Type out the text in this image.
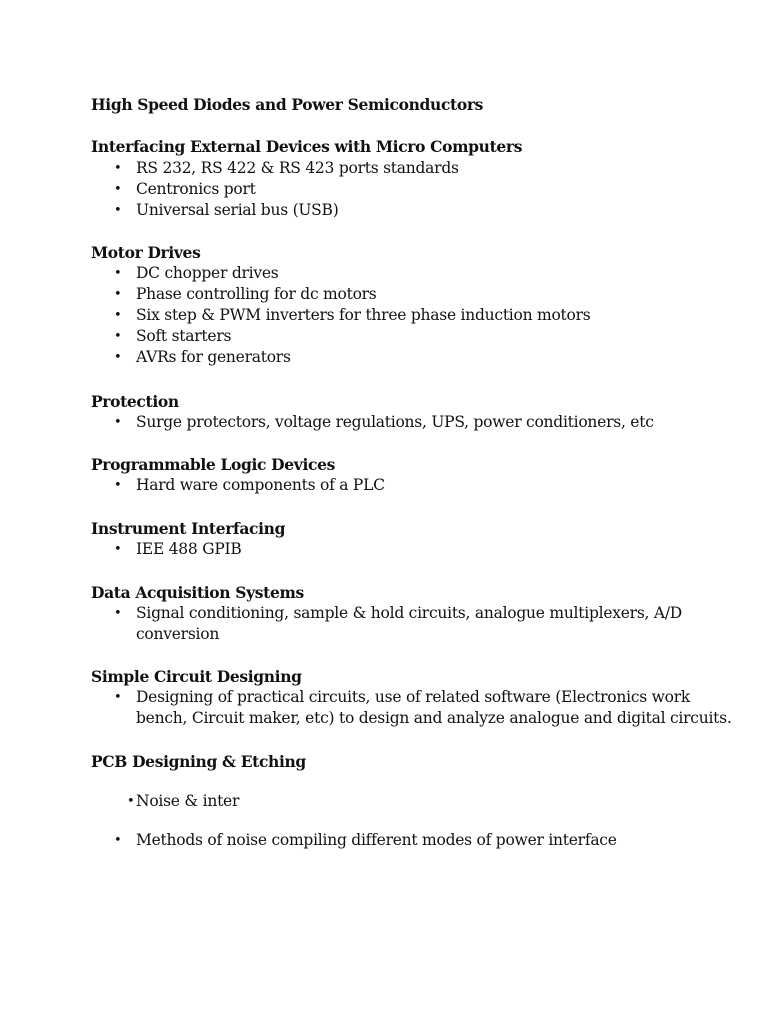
High Speed Diodes and Power Semiconductors
Interfacing External Devices with Micro Computers
• RS 232, RS 422 & RS 423 ports standards
• Centronics port
• Universal serial bus (USB)
Motor Drives
• DC chopper drives
• Phase controlling for dc motors
• Six step & PWM inverters for three phase induction motors
• Soft starters
• AVRs for generators
Protection
• Surge protectors, voltage regulations, UPS, power conditioners, etc
Programmable Logic Devices
• Hard ware components of a PLC
Instrument Interfacing
• IEE 488 GPIB
Data Acquisition Systems
• Signal conditioning, sample & hold circuits, analogue multiplexers, A/D
conversion
Simple Circuit Designing
• Designing of practical circuits, use of related software (Electronics work
bench, Circuit maker, etc) to design and analyze analogue and digital circuits.
PCB Designing & Etching
• Noise & inter
• Methods of noise compiling different modes of power interface
